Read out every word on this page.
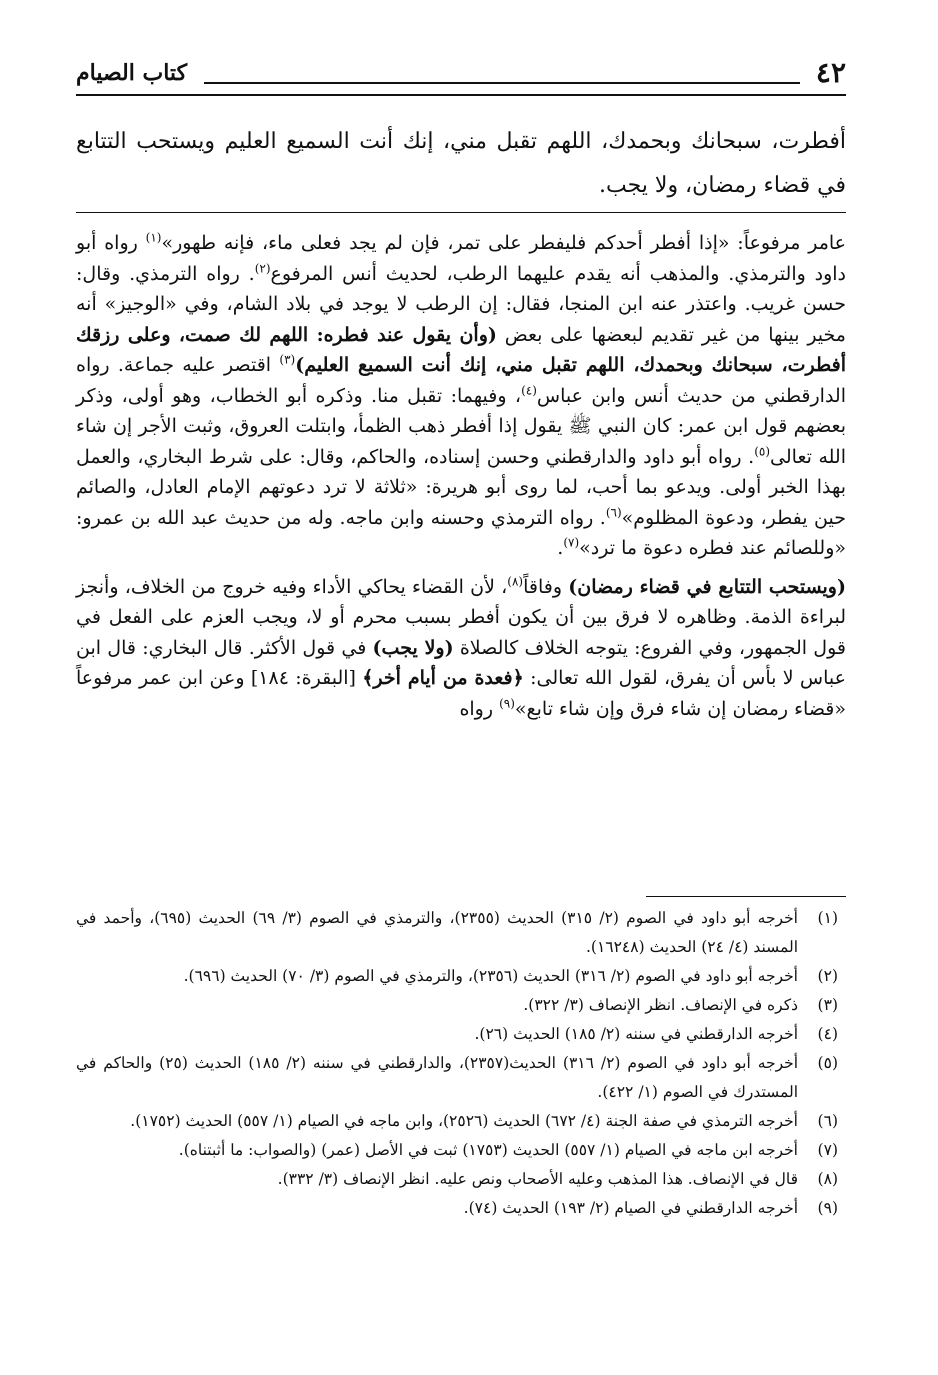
٤٢
كتاب الصيام

أفطرت، سبحانك وبحمدك، اللهم تقبل مني، إنك أنت السميع العليم ويستحب التتابع في قضاء رمضان، ولا يجب.

عامر مرفوعاً: «إذا أفطر أحدكم فليفطر على تمر، فإن لم يجد فعلى ماء، فإنه طهور»$^{(١)}$ رواه أبو داود والترمذي. والمذهب أنه يقدم عليهما الرطب، لحديث أنس المرفوع$^{(٢)}$. رواه الترمذي. وقال: حسن غريب. واعتذر عنه ابن المنجا، فقال: إن الرطب لا يوجد في بلاد الشام، وفي «الوجيز» أنه مخير بينها من غير تقديم لبعضها على بعض (وأن يقول عند فطره: اللهم لك صمت، وعلى رزقك أفطرت، سبحانك وبحمدك، اللهم تقبل مني، إنك أنت السميع العليم)$^{(٣)}$ اقتصر عليه جماعة. رواه الدارقطني من حديث أنس وابن عباس$^{(٤)}$، وفيهما: تقبل منا. وذكره أبو الخطاب، وهو أولى، وذكر بعضهم قول ابن عمر: كان النبي ﷺ يقول إذا أفطر ذهب الظمأ، وابتلت العروق، وثبت الأجر إن شاء الله تعالى$^{(٥)}$. رواه أبو داود والدارقطني وحسن إسناده، والحاكم، وقال: على شرط البخاري، والعمل بهذا الخبر أولى. ويدعو بما أحب، لما روى أبو هريرة: «ثلاثة لا ترد دعوتهم الإمام العادل، والصائم حين يفطر، ودعوة المظلوم»$^{(٦)}$. رواه الترمذي وحسنه وابن ماجه. وله من حديث عبد الله بن عمرو: «وللصائم عند فطره دعوة ما ترد»$^{(٧)}$.

(ويستحب التتابع في قضاء رمضان) وفاقاً$^{(٨)}$، لأن القضاء يحاكي الأداء وفيه خروج من الخلاف، وأنجز لبراءة الذمة. وظاهره لا فرق بين أن يكون أفطر بسبب محرم أو لا، ويجب العزم على الفعل في قول الجمهور، وفي الفروع: يتوجه الخلاف كالصلاة (ولا يجب) في قول الأكثر. قال البخاري: قال ابن عباس لا بأس أن يفرق، لقول الله تعالى: ﴿فعدة من أيام أخر﴾ [البقرة: ١٨٤] وعن ابن عمر مرفوعاً «قضاء رمضان إن شاء فرق وإن شاء تابع»$^{(٩)}$ رواه

(١)
أخرجه أبو داود في الصوم (٢/ ٣١٥) الحديث (٢٣٥٥)، والترمذي في الصوم (٣/ ٦٩) الحديث (٦٩٥)، وأحمد في المسند (٤/ ٢٤) الحديث (١٦٢٤٨).
(٢)
أخرجه أبو داود في الصوم (٢/ ٣١٦) الحديث (٢٣٥٦)، والترمذي في الصوم (٣/ ٧٠) الحديث (٦٩٦).
(٣)
ذكره في الإنصاف. انظر الإنصاف (٣/ ٣٢٢).
(٤)
أخرجه الدارقطني في سننه (٢/ ١٨٥) الحديث (٢٦).
(٥)
أخرجه أبو داود في الصوم (٢/ ٣١٦) الحديث(٢٣٥٧)، والدارقطني في سننه (٢/ ١٨٥) الحديث (٢٥) والحاكم في المستدرك في الصوم (١/ ٤٢٢).
(٦)
أخرجه الترمذي في صفة الجنة (٤/ ٦٧٢) الحديث (٢٥٢٦)، وابن ماجه في الصيام (١/ ٥٥٧) الحديث (١٧٥٢).
(٧)
أخرجه ابن ماجه في الصيام (١/ ٥٥٧) الحديث (١٧٥٣) ثبت في الأصل (عمر) (والصواب: ما أثبتناه).
(٨)
قال في الإنصاف. هذا المذهب وعليه الأصحاب ونص عليه. انظر الإنصاف (٣/ ٣٣٢).
(٩)
أخرجه الدارقطني في الصيام (٢/ ١٩٣) الحديث (٧٤).
